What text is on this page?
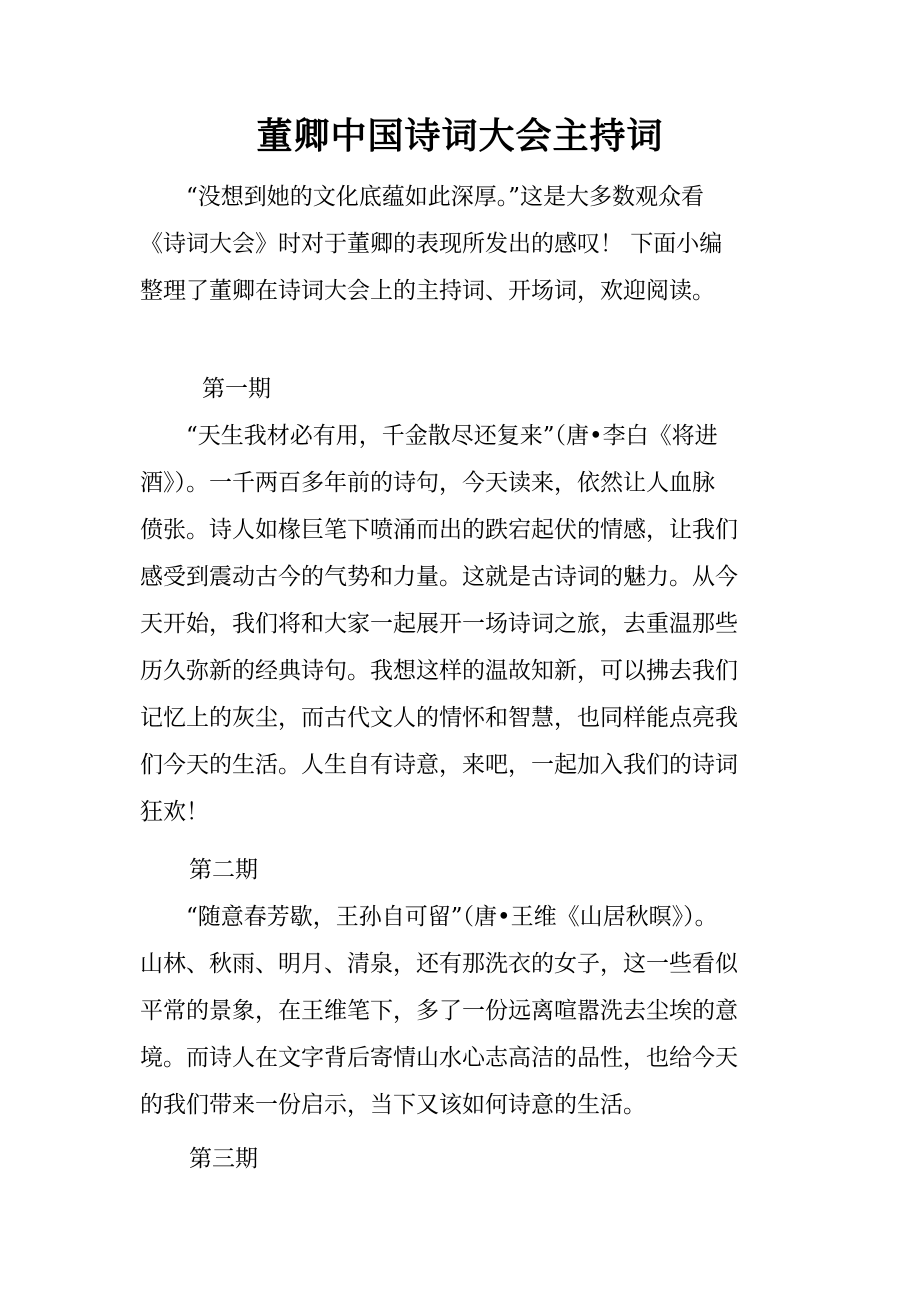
董卿中国诗词大会主持词
“没想到她的文化底蕴如此深厚。”这是大多数观众看
《诗词大会》时对于董卿的表现所发出的感叹！ 下面小编
整理了董卿在诗词大会上的主持词、开场词，欢迎阅读。
第一期
“天生我材必有用，千金散尽还复来”（唐•李白《将进
酒》）。一千两百多年前的诗句，今天读来，依然让人血脉
偾张。诗人如椽巨笔下喷涌而出的跌宕起伏的情感，让我们
感受到震动古今的气势和力量。这就是古诗词的魅力。从今
天开始，我们将和大家一起展开一场诗词之旅，去重温那些
历久弥新的经典诗句。我想这样的温故知新，可以拂去我们
记忆上的灰尘，而古代文人的情怀和智慧，也同样能点亮我
们今天的生活。人生自有诗意，来吧，一起加入我们的诗词
狂欢！
第二期
“随意春芳歇，王孙自可留”（唐•王维《山居秋暝》）。
山林、秋雨、明月、清泉，还有那洗衣的女子，这一些看似
平常的景象，在王维笔下，多了一份远离喧嚣洗去尘埃的意
境。而诗人在文字背后寄情山水心志高洁的品性，也给今天
的我们带来一份启示，当下又该如何诗意的生活。
第三期
